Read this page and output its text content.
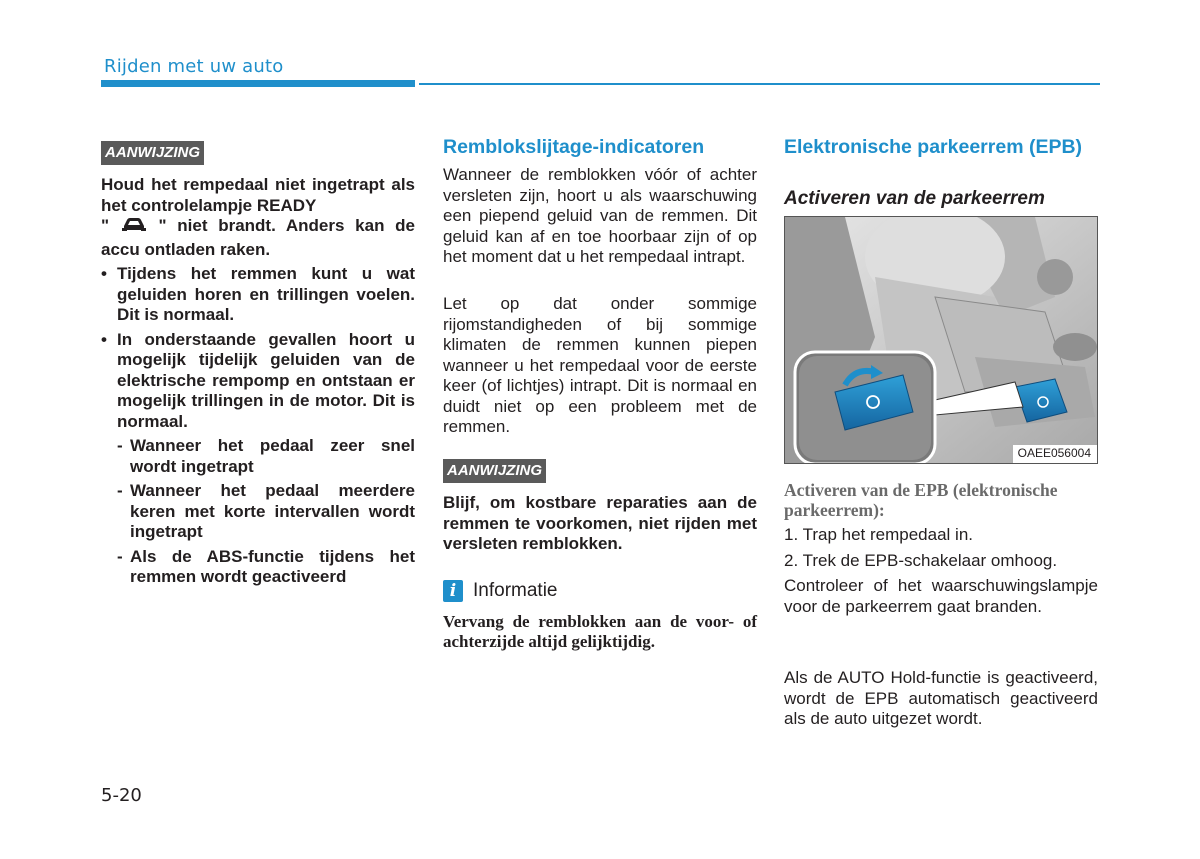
Rijden met uw auto
AANWIJZING
Houd het rempedaal niet ingetrapt als het controlelampje READY
"	" niet brandt. Anders kan de accu ontladen raken.
• Tijdens het remmen kunt u wat geluiden horen en trillingen voelen. Dit is normaal.
• In onderstaande gevallen hoort u mogelijk tijdelijk geluiden van de elektrische rempomp en ontstaan er mogelijk trillingen in de motor. Dit is normaal.
- Wanneer het pedaal zeer snel wordt ingetrapt
- Wanneer het pedaal meerdere keren met korte intervallen wordt ingetrapt
- Als de ABS-functie tijdens het remmen wordt geactiveerd
Remblokslijtage-indicatoren
Wanneer de remblokken vóór of achter versleten zijn, hoort u als waarschuwing een piepend geluid van de remmen. Dit geluid kan af en toe hoorbaar zijn of op het moment dat u het rempedaal intrapt.
Let op dat onder sommige rijomstandigheden of bij sommige klimaten de remmen kunnen piepen wanneer u het rempedaal voor de eerste keer (of lichtjes) intrapt. Dit is normaal en duidt niet op een probleem met de remmen.
AANWIJZING
Blijf, om kostbare reparaties aan de remmen te voorkomen, niet rijden met versleten remblokken.
i Informatie
Vervang de remblokken aan de voor- of achterzijde altijd gelijktijdig.
Elektronische parkeerrem (EPB)
Activeren van de parkeerrem
OAEE056004
Activeren van de EPB (elektronische parkeerrem):
1. Trap het rempedaal in.
2. Trek de EPB-schakelaar omhoog.
Controleer of het waarschuwingslampje voor de parkeerrem gaat branden.
Als de AUTO Hold-functie is geactiveerd, wordt de EPB automatisch geactiveerd als de auto uitgezet wordt.
5-20
